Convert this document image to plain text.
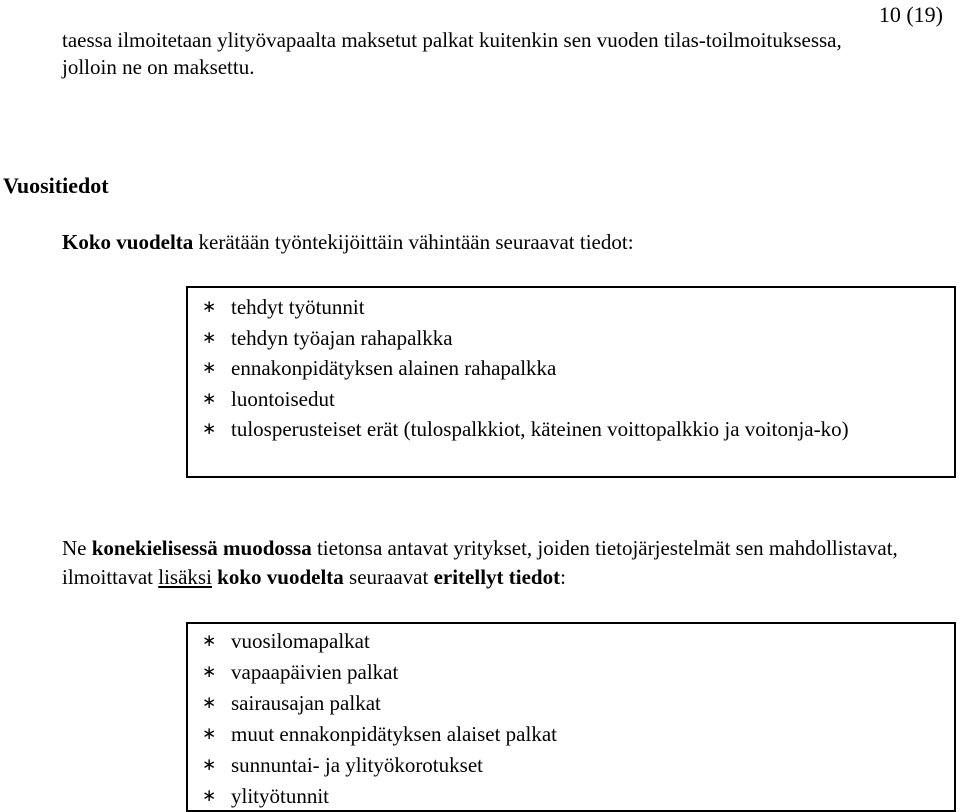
10 (19)

taessa ilmoitetaan ylityövapaalta maksetut palkat kuitenkin sen vuoden tilas-toilmoituksessa, jolloin ne on maksettu.

Vuositiedot

Koko vuodelta kerätään työntekijöittäin vähintään seuraavat tiedot:

∗ tehdyt työtunnit
∗ tehdyn työajan rahapalkka
∗ ennakonpidätyksen alainen rahapalkka
∗ luontoisedut
∗ tulosperusteiset erät (tulospalkkiot, käteinen voittopalkkio ja voitonja-ko)

Ne konekielisessä muodossa tietonsa antavat yritykset, joiden tietojärjestelmät sen mahdollistavat, ilmoittavat lisäksi koko vuodelta seuraavat eritellyt tiedot:

∗ vuosilomapalkat
∗ vapaapäivien palkat
∗ sairausajan palkat
∗ muut ennakonpidätyksen alaiset palkat
∗ sunnuntai- ja ylityökorotukset
∗ ylityötunnit
